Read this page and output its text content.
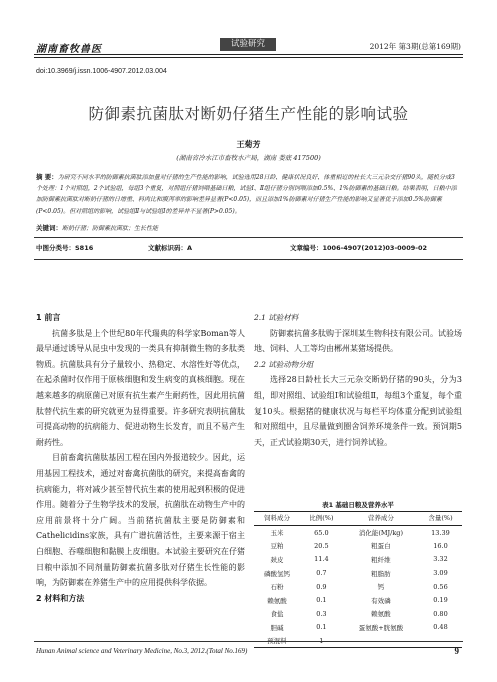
湖南畜牧兽医	试验研究	2012年 第3期(总第169期)
doi:10.3969/j.issn.1006-4907.2012.03.004
防御素抗菌肽对断奶仔猪生产性能的影响试验
王菊芳
(湖南省冷水江市畜牧水产局，湖南 娄底 417500)
摘 要：为研究不同水平的防御素抗菌肽添加量对仔猪的生产性能的影响，试验选用28日龄、健康状况良好、体重相近的杜长大三元杂交仔猪90头，随机分成3个处理：1个对照组，2个试验组，每组3个重复，对照组仔猪饲喂基础日粮，试验Ⅰ、Ⅱ组仔猪分别饲喂添加0.5%、1%防御素的基础日粮。结果表明，日粮中添加防御素抗菌肽对断奶仔猪的日增重、料肉比和腹泻率的影响差异显著(P<0.05)，而且添加1%防御素对仔猪生产性能的影响又显著优于添加0.5%防御素(P<0.05)。但对照组的影响，试验组Ⅱ与试验组Ⅰ的差异并不显著(P>0.05)。
关键词：断奶仔猪；防御素抗菌肽；生长性能
中图分类号：S816	文献标识码：A	文章编号：1006-4907(2012)03-0009-02
1 前言
抗菌多肽是上个世纪80年代瑞典的科学家Boman等人最早通过诱导从昆虫中发现的一类具有抑制微生物的多肽类物质。抗菌肽具有分子量较小、热稳定、水溶性好等优点，在起杀菌时仅作用于原核细胞和发生病变的真核细胞。现在越来越多的病原菌已对原有抗生素产生耐药性，因此用抗菌肽替代抗生素的研究就更为显得重要。许多研究表明抗菌肽可提高动物的抗病能力、促进动物生长发育，而且不易产生耐药性。
目前畜禽抗菌肽基因工程在国内外报道较少。因此，运用基因工程技术，通过对畜禽抗菌肽的研究，来提高畜禽的抗病能力，将对减少甚至替代抗生素的使用起到积极的促进作用。随着分子生物学技术的发展，抗菌肽在动物生产中的应用前景将十分广阔。当前猪抗菌肽主要是防御素和Cathelicidins家族，具有广谱抗菌活性，主要来源于宿主白细胞、吞噬细胞和黏膜上皮细胞。本试验主要研究在仔猪日粮中添加不同剂量防御素抗菌多肽对仔猪生长性能的影响，为防御素在养猪生产中的应用提供科学依据。
2 材料和方法
2.1 试验材料
防御素抗菌多肽购于深圳某生物科技有限公司。试验场地、饲料、人工等均由郴州某猪场提供。
2.2 试验动物分组
选择28日龄杜长大三元杂交断奶仔猪的90头，分为3组，即对照组、试验组Ⅰ和试验组Ⅱ，每组3个重复，每个重复10头。根据猪的健康状况与每栏平均体重分配到试验组和对照组中，且尽量做到圈舍饲养环境条件一致。预饲期5天，正式试验期30天，进行饲养试验。
表1 基础日粮及营养水平
饲料成分	比例(%)	营养成分	含量(%)
玉米	65.0	消化能(MJ/kg)	13.39
豆粕	20.5	粗蛋白	16.0
麸皮	11.4	粗纤维	3.32
磷酸氢钙	0.7	粗脂肪	3.09
石粉	0.9	钙	0.56
赖氨酸	0.1	有效磷	0.19
食盐	0.3	赖氨酸	0.80
胆碱	0.1	蛋氨酸+胱氨酸	0.48
预混料	1		
Hunan Animal science and Veterinary Medicine, No.3, 2012.(Total No.169)	9
